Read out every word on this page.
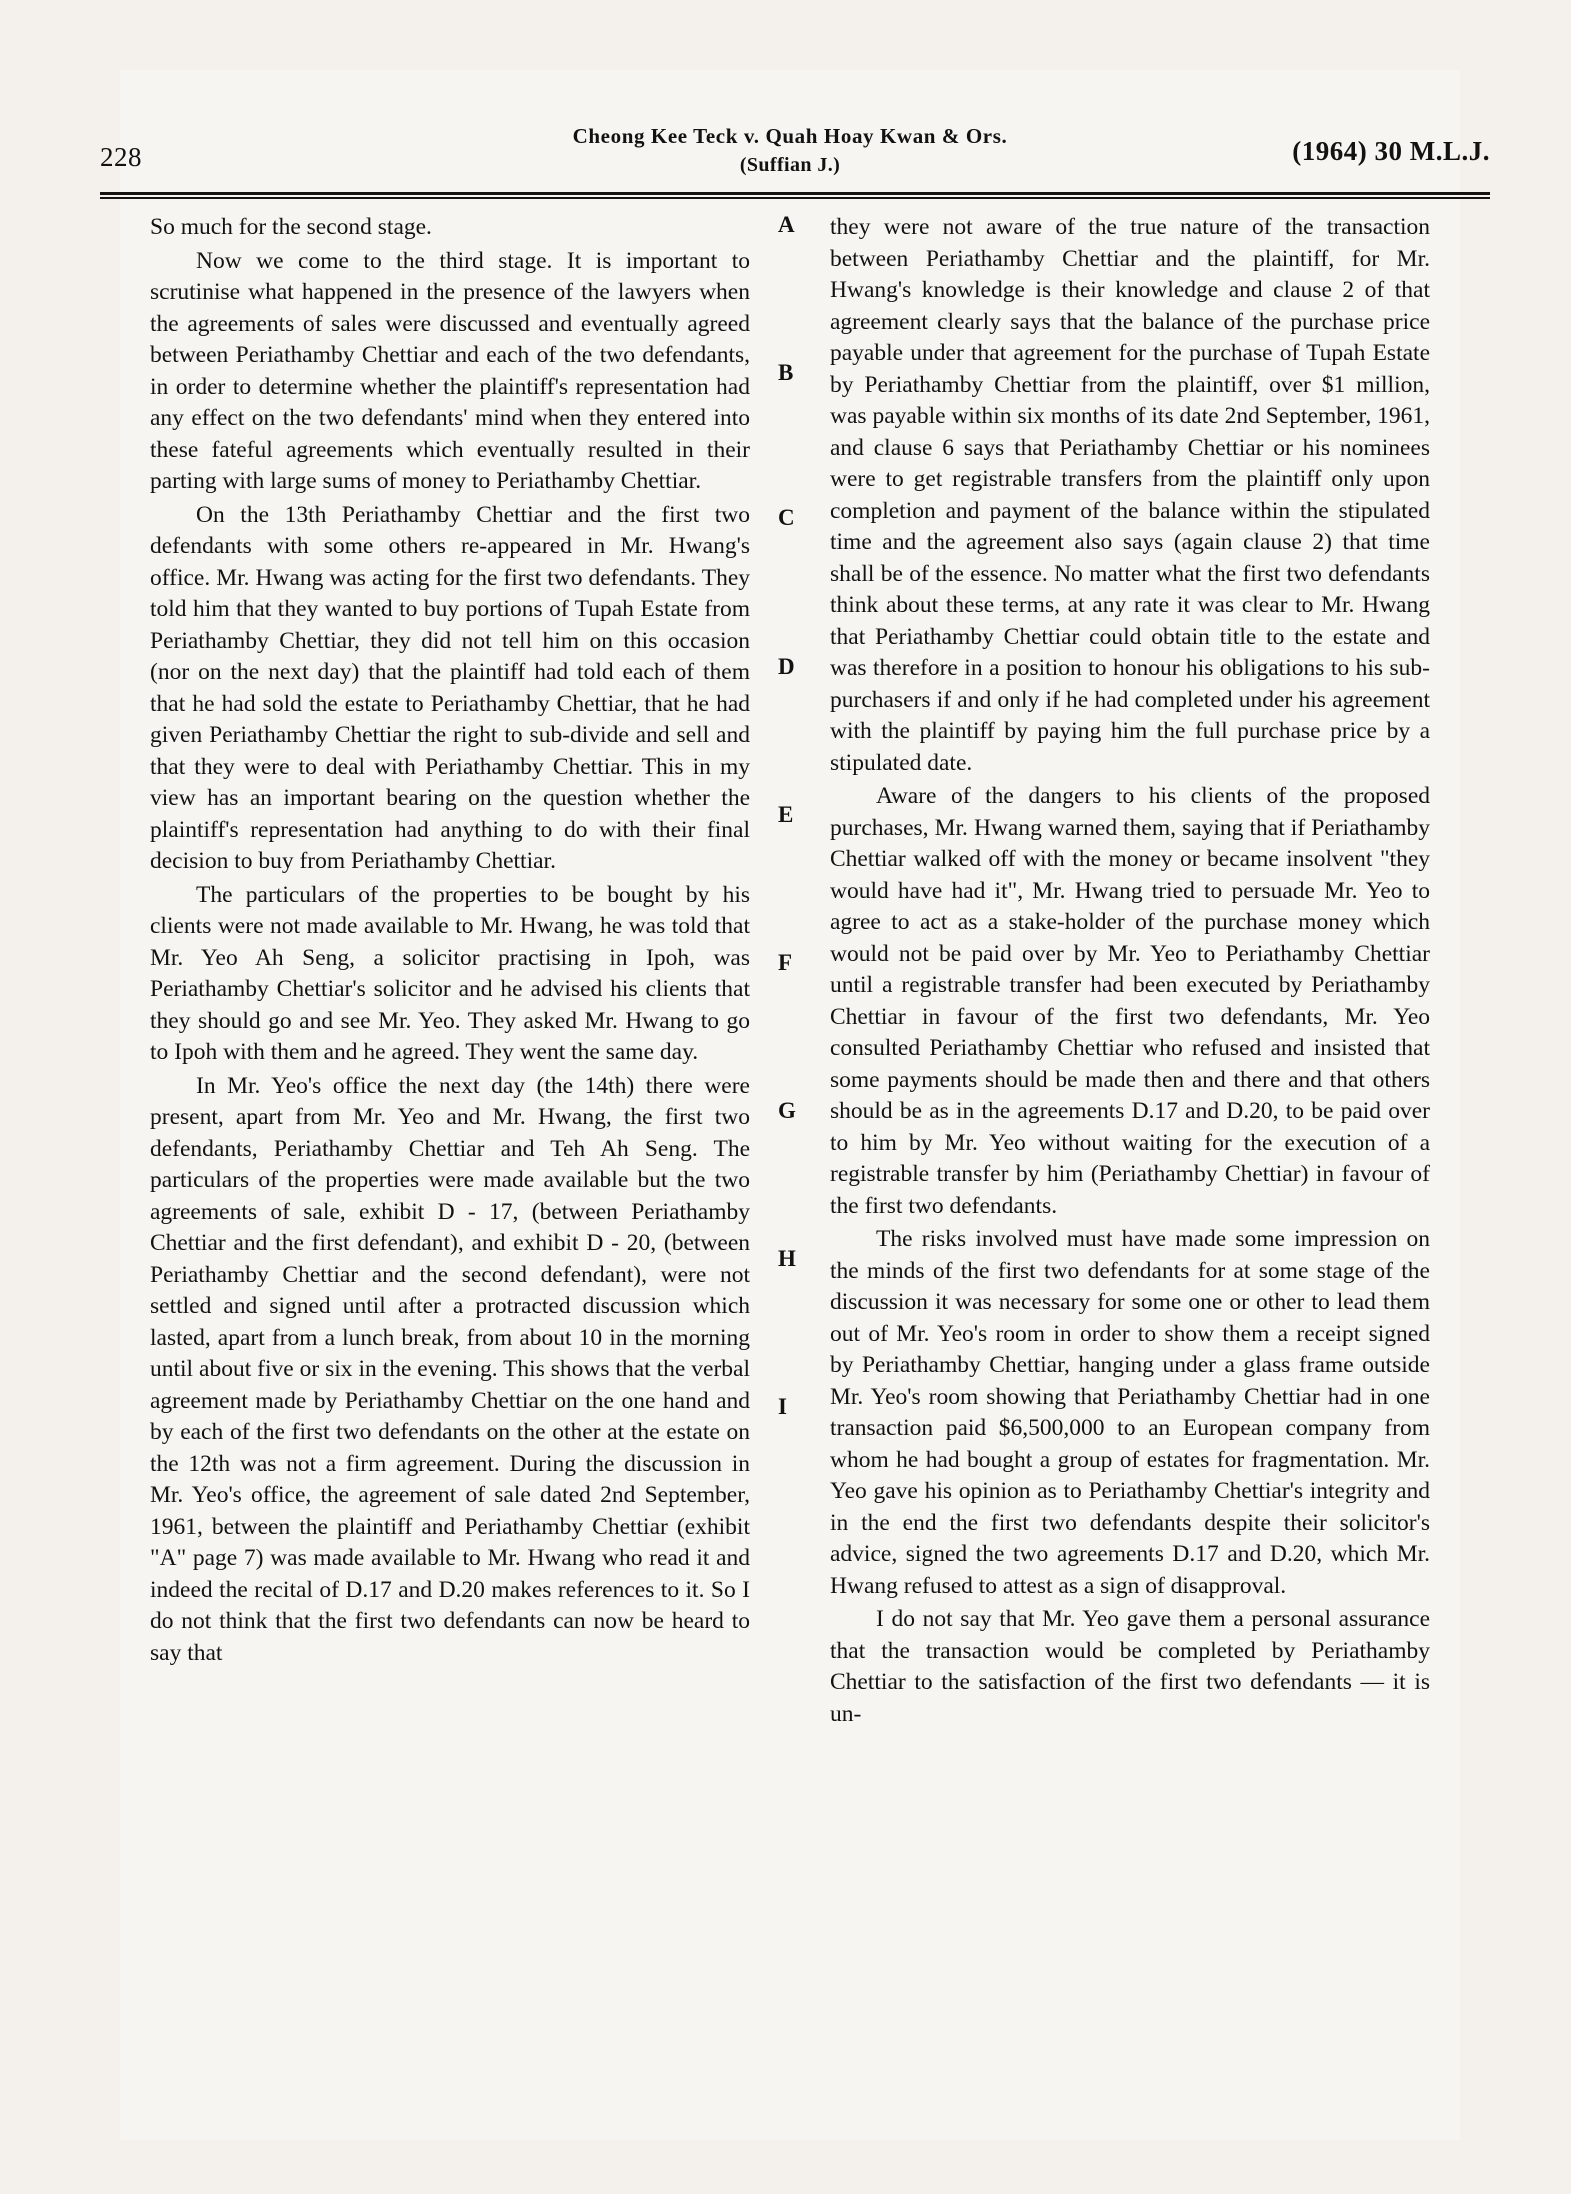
228
Cheong Kee Teck v. Quah Hoay Kwan & Ors.
(Suffian J.)	(1964) 30 M.L.J.
A
B
C
D
E
F
G
H
I

So much for the second stage.

Now we come to the third stage. It is important to scrutinise what happened in the presence of the lawyers when the agreements of sales were discussed and eventually agreed between Periathamby Chettiar and each of the two defendants, in order to determine whether the plaintiff's representation had any effect on the two defendants' mind when they entered into these fateful agreements which eventually resulted in their parting with large sums of money to Periathamby Chettiar.

On the 13th Periathamby Chettiar and the first two defendants with some others re-appeared in Mr. Hwang's office. Mr. Hwang was acting for the first two defendants. They told him that they wanted to buy portions of Tupah Estate from Periathamby Chettiar, they did not tell him on this occasion (nor on the next day) that the plaintiff had told each of them that he had sold the estate to Periathamby Chettiar, that he had given Periathamby Chettiar the right to sub-divide and sell and that they were to deal with Periathamby Chettiar. This in my view has an important bearing on the question whether the plaintiff's representation had anything to do with their final decision to buy from Periathamby Chettiar.

The particulars of the properties to be bought by his clients were not made available to Mr. Hwang, he was told that Mr. Yeo Ah Seng, a solicitor practising in Ipoh, was Periathamby Chettiar's solicitor and he advised his clients that they should go and see Mr. Yeo. They asked Mr. Hwang to go to Ipoh with them and he agreed. They went the same day.

In Mr. Yeo's office the next day (the 14th) there were present, apart from Mr. Yeo and Mr. Hwang, the first two defendants, Periathamby Chettiar and Teh Ah Seng. The particulars of the properties were made available but the two agreements of sale, exhibit D - 17, (between Periathamby Chettiar and the first defendant), and exhibit D - 20, (between Periathamby Chettiar and the second defendant), were not settled and signed until after a protracted discussion which lasted, apart from a lunch break, from about 10 in the morning until about five or six in the evening. This shows that the verbal agreement made by Periathamby Chettiar on the one hand and by each of the first two defendants on the other at the estate on the 12th was not a firm agreement. During the discussion in Mr. Yeo's office, the agreement of sale dated 2nd September, 1961, between the plaintiff and Periathamby Chettiar (exhibit "A" page 7) was made available to Mr. Hwang who read it and indeed the recital of D.17 and D.20 makes references to it. So I do not think that the first two defendants can now be heard to say that

they were not aware of the true nature of the transaction between Periathamby Chettiar and the plaintiff, for Mr. Hwang's knowledge is their knowledge and clause 2 of that agreement clearly says that the balance of the purchase price payable under that agreement for the purchase of Tupah Estate by Periathamby Chettiar from the plaintiff, over $1 million, was payable within six months of its date 2nd September, 1961, and clause 6 says that Periathamby Chettiar or his nominees were to get registrable transfers from the plaintiff only upon completion and payment of the balance within the stipulated time and the agreement also says (again clause 2) that time shall be of the essence. No matter what the first two defendants think about these terms, at any rate it was clear to Mr. Hwang that Periathamby Chettiar could obtain title to the estate and was therefore in a position to honour his obligations to his sub-purchasers if and only if he had completed under his agreement with the plaintiff by paying him the full purchase price by a stipulated date.

Aware of the dangers to his clients of the proposed purchases, Mr. Hwang warned them, saying that if Periathamby Chettiar walked off with the money or became insolvent "they would have had it", Mr. Hwang tried to persuade Mr. Yeo to agree to act as a stake-holder of the purchase money which would not be paid over by Mr. Yeo to Periathamby Chettiar until a registrable transfer had been executed by Periathamby Chettiar in favour of the first two defendants, Mr. Yeo consulted Periathamby Chettiar who refused and insisted that some payments should be made then and there and that others should be as in the agreements D.17 and D.20, to be paid over to him by Mr. Yeo without waiting for the execution of a registrable transfer by him (Periathamby Chettiar) in favour of the first two defendants.

The risks involved must have made some impression on the minds of the first two defendants for at some stage of the discussion it was necessary for some one or other to lead them out of Mr. Yeo's room in order to show them a receipt signed by Periathamby Chettiar, hanging under a glass frame outside Mr. Yeo's room showing that Periathamby Chettiar had in one transaction paid $6,500,000 to an European company from whom he had bought a group of estates for fragmentation. Mr. Yeo gave his opinion as to Periathamby Chettiar's integrity and in the end the first two defendants despite their solicitor's advice, signed the two agreements D.17 and D.20, which Mr. Hwang refused to attest as a sign of disapproval.

I do not say that Mr. Yeo gave them a personal assurance that the transaction would be completed by Periathamby Chettiar to the satisfaction of the first two defendants — it is un-
